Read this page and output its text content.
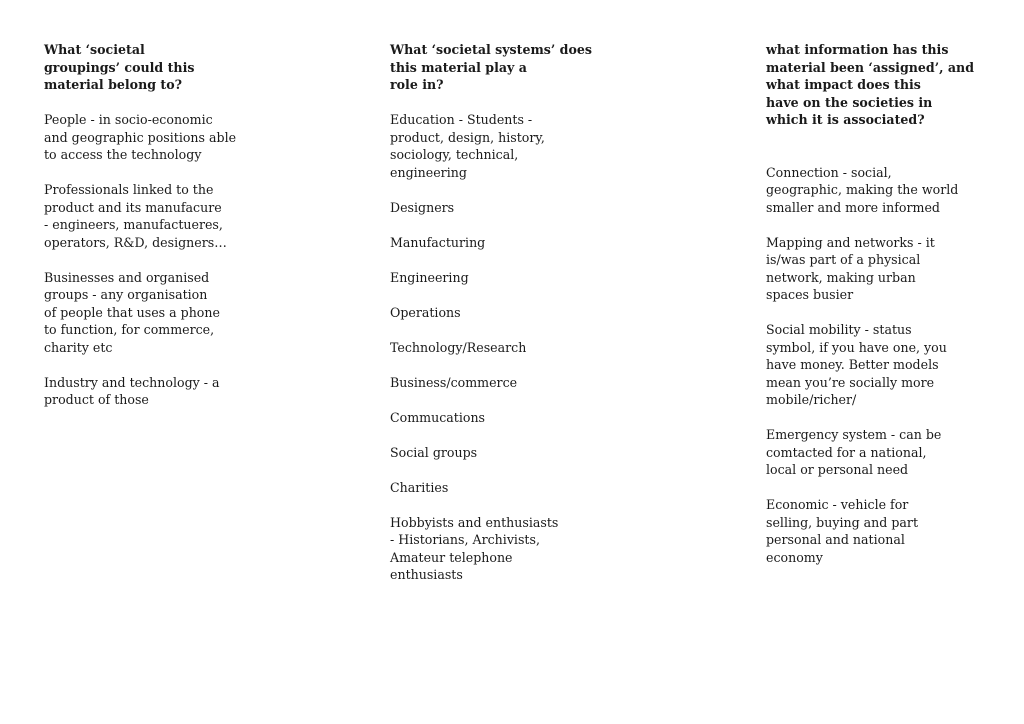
What ‘societal
groupings’ could this
material belong to?
People - in socio-economic
and geographic positions able
to access the technology
Professionals linked to the
product and its manufacure
- engineers, manufactueres,
operators, R&D, designers…
Businesses and organised
groups - any organisation
of people that uses a phone
to function, for commerce,
charity etc
Industry and technology - a
product of those
What ‘societal systems’ does
this material play a
role in?
Education - Students -
product, design, history,
sociology, technical,
engineering
Designers
Manufacturing
Engineering
Operations
Technology/Research
Business/commerce
Commucations
Social groups
Charities
Hobbyists and enthusiasts
- Historians, Archivists,
Amateur telephone
enthusiasts
what information has this
material been ‘assigned’, and
what impact does this
have on the societies in
which it is associated?
Connection - social,
geographic, making the world
smaller and more informed
Mapping and networks - it
is/was part of a physical
network, making urban
spaces busier
Social mobility - status
symbol, if you have one, you
have money. Better models
mean you’re socially more
mobile/richer/
Emergency system - can be
comtacted for a national,
local or personal need
Economic - vehicle for
selling, buying and part
personal and national
economy
